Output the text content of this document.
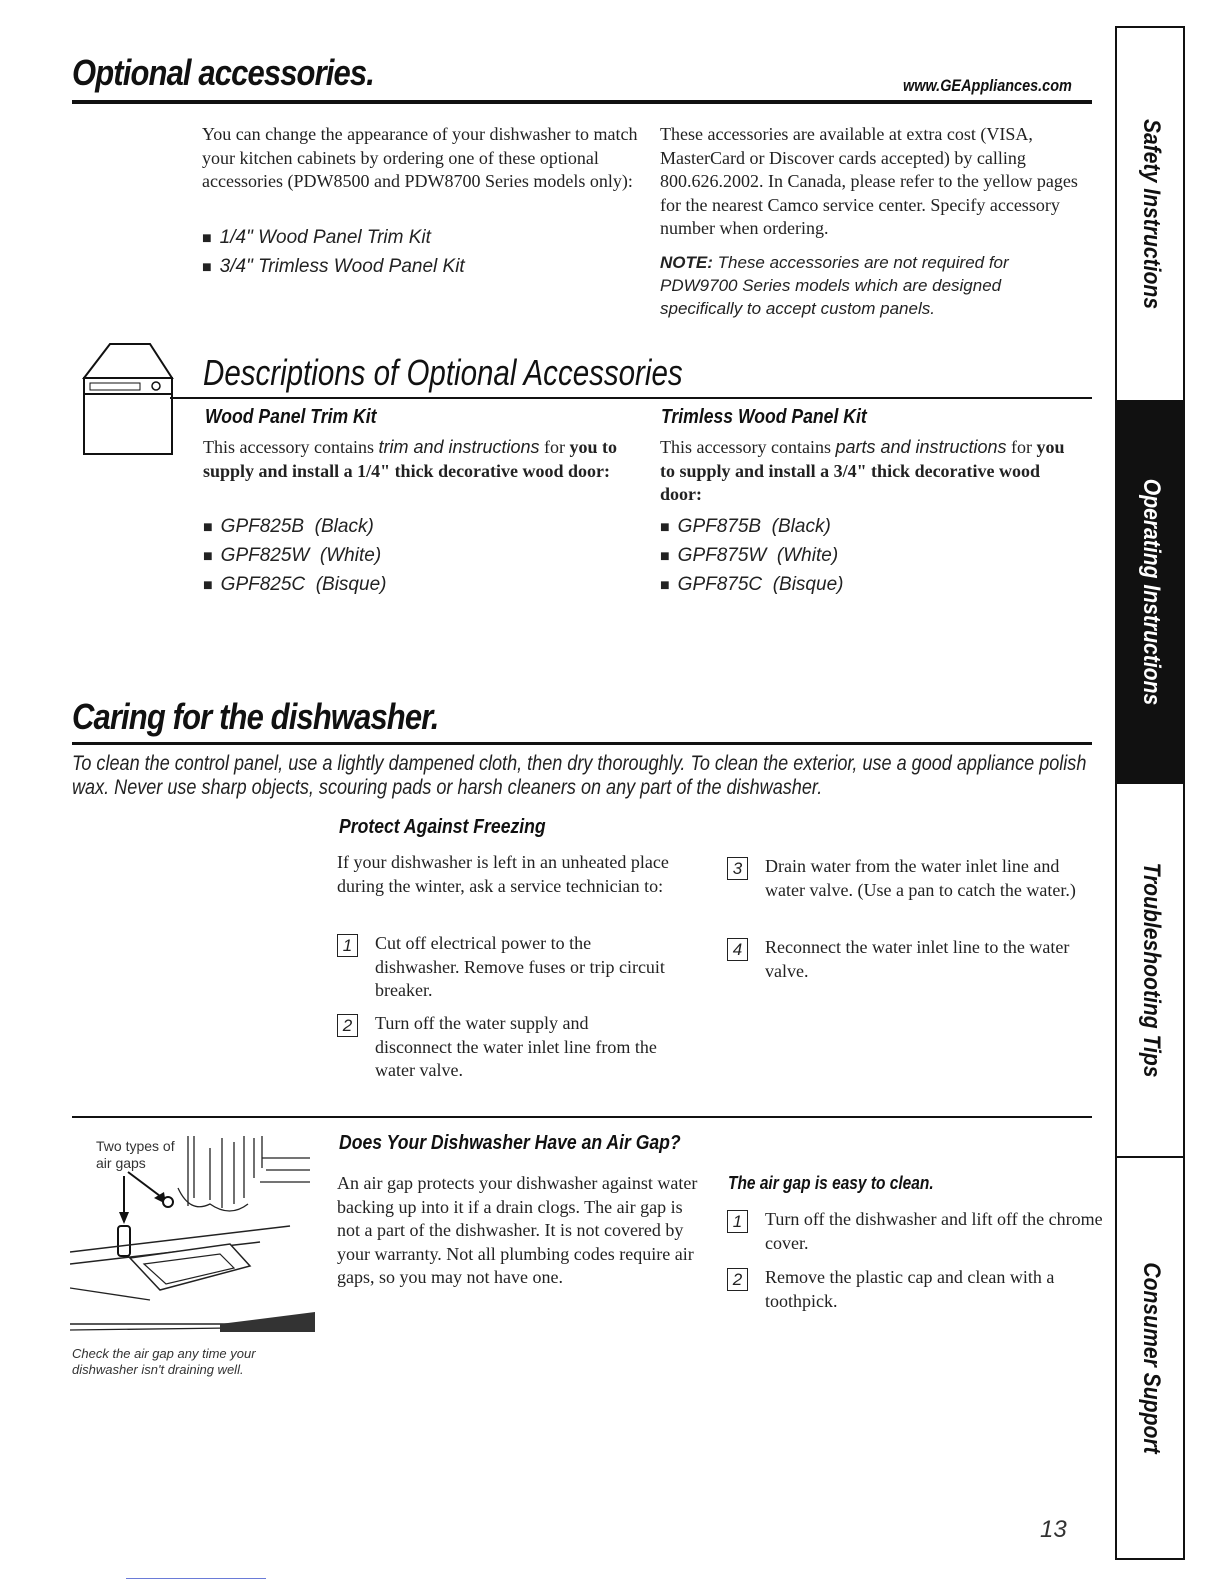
Optional accessories.	www.GEAppliances.com
You can change the appearance of your dishwasher to match your kitchen cabinets by ordering one of these optional accessories (PDW8500 and PDW8700 Series models only):
■ 1/4" Wood Panel Trim Kit
■ 3/4" Trimless Wood Panel Kit
These accessories are available at extra cost (VISA, MasterCard or Discover cards accepted) by calling 800.626.2002. In Canada, please refer to the yellow pages for the nearest Camco service center. Specify accessory number when ordering.
NOTE: These accessories are not required for PDW9700 Series models which are designed specifically to accept custom panels.
Descriptions of Optional Accessories
Wood Panel Trim Kit
This accessory contains trim and instructions for you to supply and install a 1/4" thick decorative wood door:
■ GPF825B  (Black)
■ GPF825W  (White)
■ GPF825C  (Bisque)
Trimless Wood Panel Kit
This accessory contains parts and instructions for you to supply and install a 3/4" thick decorative wood door:
■ GPF875B  (Black)
■ GPF875W  (White)
■ GPF875C  (Bisque)
Caring for the dishwasher.
To clean the control panel, use a lightly dampened cloth, then dry thoroughly. To clean the exterior, use a good appliance polish wax. Never use sharp objects, scouring pads or harsh cleaners on any part of the dishwasher.
Protect Against Freezing
If your dishwasher is left in an unheated place during the winter, ask a service technician to:
1	Cut off electrical power to the dishwasher. Remove fuses or trip circuit breaker.
2	Turn off the water supply and disconnect the water inlet line from the water valve.
3	Drain water from the water inlet line and water valve. (Use a pan to catch the water.)
4	Reconnect the water inlet line to the water valve.
Two types of air gaps
Check the air gap any time your dishwasher isn't draining well.
Does Your Dishwasher Have an Air Gap?
An air gap protects your dishwasher against water backing up into it if a drain clogs. The air gap is not a part of the dishwasher. It is not covered by your warranty. Not all plumbing codes require air gaps, so you may not have one.
The air gap is easy to clean.
1	Turn off the dishwasher and lift off the chrome cover.
2	Remove the plastic cap and clean with a toothpick.
Safety Instructions
Operating Instructions
Troubleshooting Tips
Consumer Support
13
